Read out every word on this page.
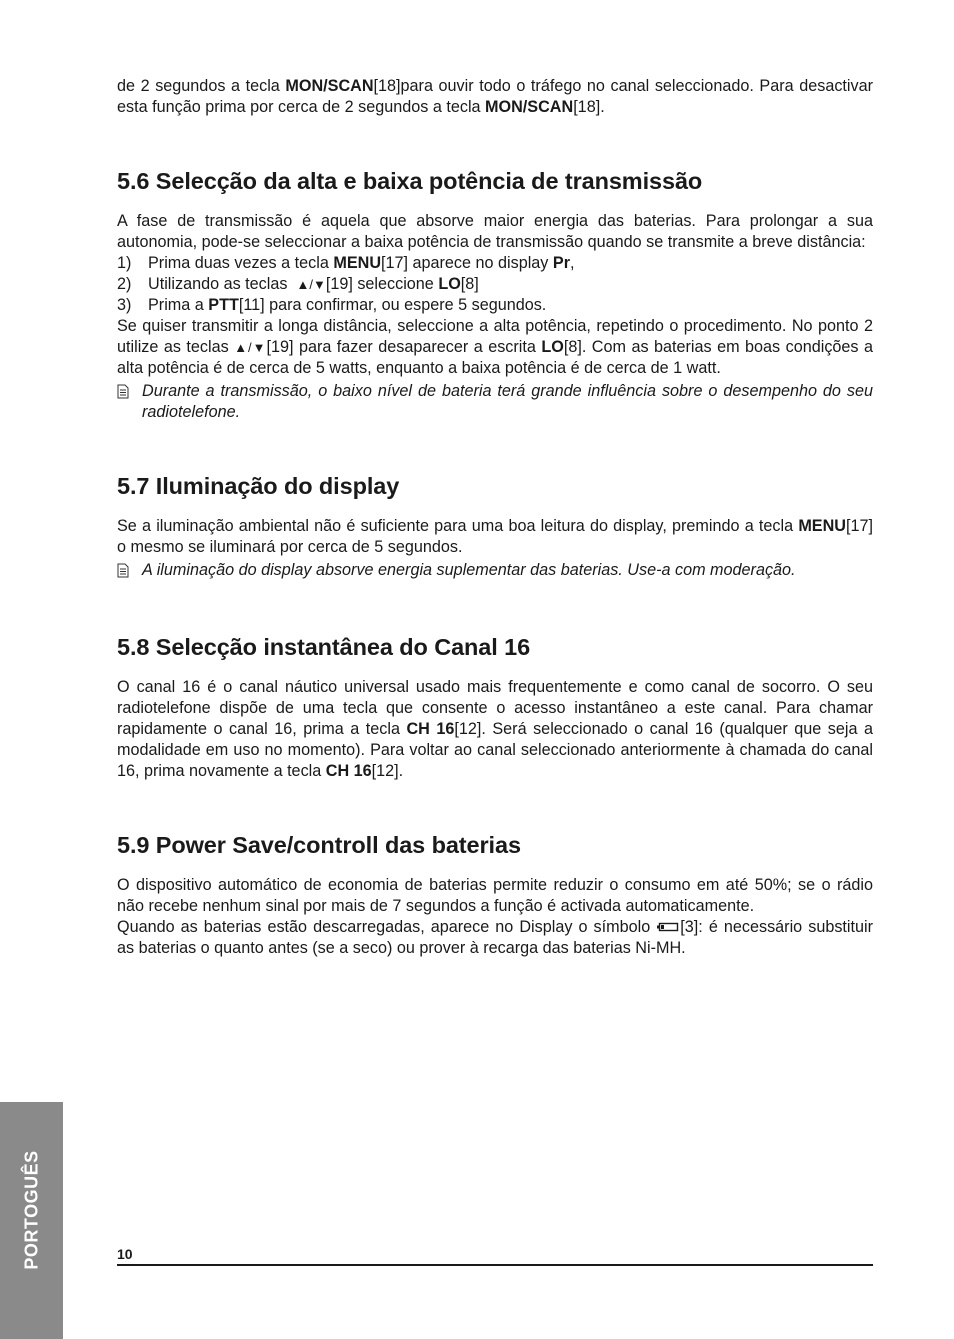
de 2 segundos a tecla MON/SCAN[18]para ouvir todo o tráfego no canal seleccionado. Para desactivar esta função prima por cerca de 2 segundos a tecla MON/SCAN[18].

5.6 Selecção da alta e baixa potência de transmissão

A fase de transmissão é aquela que absorve maior energia das baterias. Para prolongar a sua autonomia, pode-se seleccionar a baixa potência de transmissão quando se transmite a breve distância:

1)	Prima duas vezes a tecla MENU[17] aparece no display Pr,
2)	Utilizando as teclas  ▲/▼[19] seleccione LO[8]
3)	Prima a PTT[11] para confirmar, ou espere 5 segundos.

Se quiser transmitir a longa distância, seleccione a alta potência, repetindo o procedimento. No ponto 2 utilize as teclas ▲/▼[19] para fazer desaparecer a escrita LO[8]. Com as baterias em boas condições a alta potência é de cerca de 5 watts, enquanto a baixa potência é de cerca de 1 watt.

Durante a transmissão, o baixo nível de bateria terá grande influência sobre o desempenho do seu radiotelefone.
5.7 Iluminação do display

Se a iluminação ambiental não é suficiente para uma boa leitura do display, premindo a tecla MENU[17] o mesmo se iluminará por cerca de 5 segundos.

A iluminação do display absorve energia suplementar das baterias. Use-a com moderação.
5.8 Selecção instantânea do Canal 16

O canal 16 é o canal náutico universal usado mais frequentemente e como canal de socorro. O seu radiotelefone dispõe de uma tecla que consente o acesso instantâneo a este canal. Para chamar rapidamente o canal 16, prima a tecla CH 16[12]. Será seleccionado o canal 16 (qualquer que seja a modalidade em uso no momento). Para voltar ao canal seleccionado anteriormente à chamada do canal 16, prima novamente a tecla CH 16[12].

5.9 Power Save/controll das baterias

O dispositivo automático de economia de baterias permite reduzir o consumo em até 50%; se o rádio não recebe nenhum sinal por mais de 7 segundos a função é activada automaticamente.

Quando as baterias estão descarregadas, aparece no Display o símbolo [3]: é necessário substituir as baterias o quanto antes (se a seco) ou prover à recarga das baterias Ni-MH.

PORTOGUÊS	10
